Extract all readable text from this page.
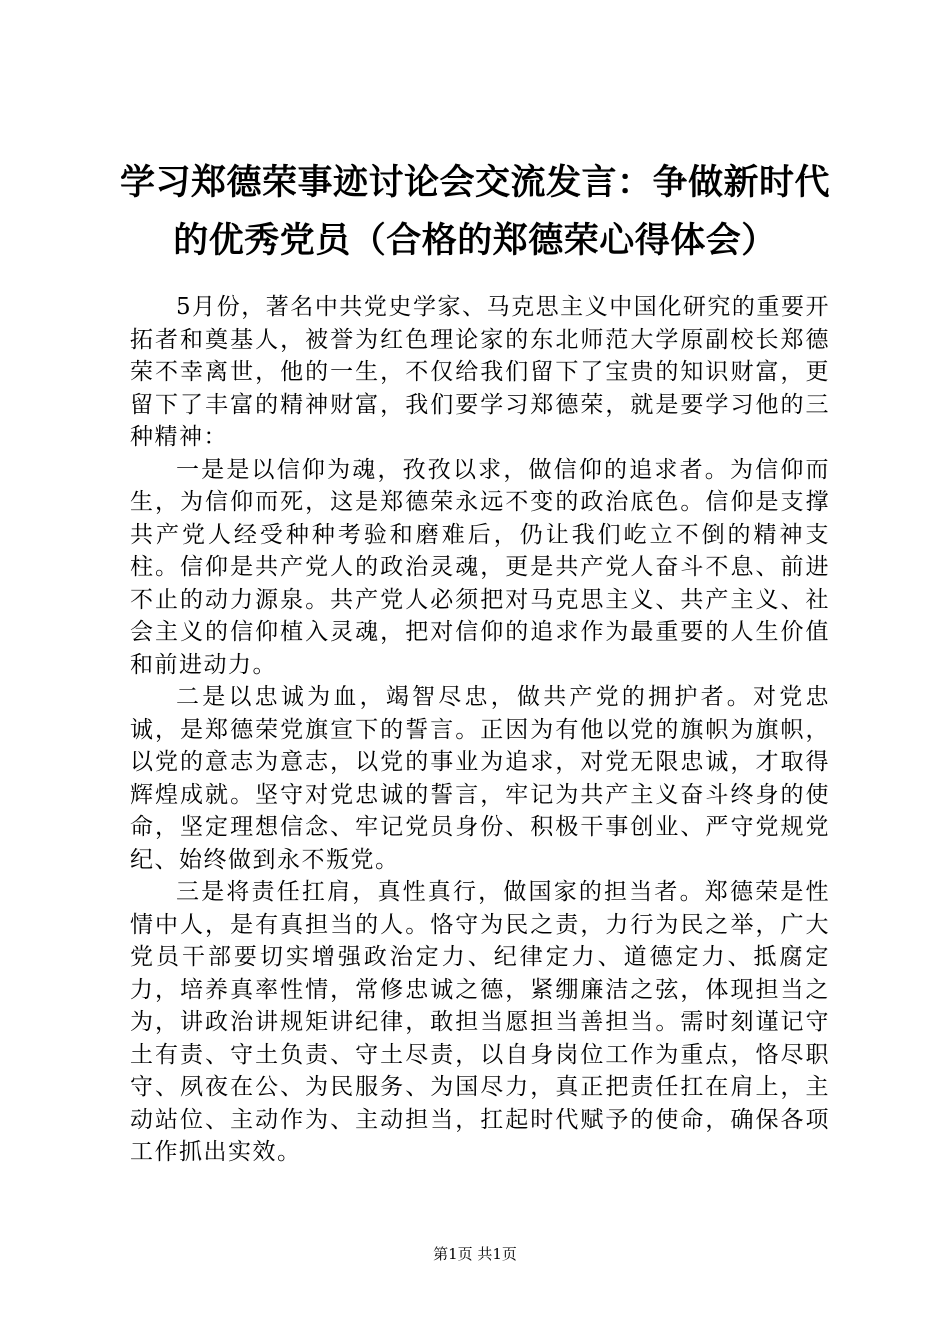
学习郑德荣事迹讨论会交流发言：争做新时代
的优秀党员（合格的郑德荣心得体会）

5月份，著名中共党史学家、马克思主义中国化研究的重要开拓者和奠基人，被誉为红色理论家的东北师范大学原副校长郑德荣不幸离世，他的一生，不仅给我们留下了宝贵的知识财富，更留下了丰富的精神财富，我们要学习郑德荣，就是要学习他的三种精神：

一是是以信仰为魂，孜孜以求，做信仰的追求者。为信仰而生，为信仰而死，这是郑德荣永远不变的政治底色。信仰是支撑共产党人经受种种考验和磨难后，仍让我们屹立不倒的精神支柱。信仰是共产党人的政治灵魂，更是共产党人奋斗不息、前进不止的动力源泉。共产党人必须把对马克思主义、共产主义、社会主义的信仰植入灵魂，把对信仰的追求作为最重要的人生价值和前进动力。

二是以忠诚为血，竭智尽忠，做共产党的拥护者。对党忠诚，是郑德荣党旗宣下的誓言。正因为有他以党的旗帜为旗帜，以党的意志为意志，以党的事业为追求，对党无限忠诚，才取得辉煌成就。坚守对党忠诚的誓言，牢记为共产主义奋斗终身的使命，坚定理想信念、牢记党员身份、积极干事创业、严守党规党纪、始终做到永不叛党。

三是将责任扛肩，真性真行，做国家的担当者。郑德荣是性情中人，是有真担当的人。恪守为民之责，力行为民之举，广大党员干部要切实增强政治定力、纪律定力、道德定力、抵腐定力，培养真率性情，常修忠诚之德，紧绷廉洁之弦，体现担当之为，讲政治讲规矩讲纪律，敢担当愿担当善担当。需时刻谨记守土有责、守土负责、守土尽责，以自身岗位工作为重点，恪尽职守、夙夜在公、为民服务、为国尽力，真正把责任扛在肩上，主动站位、主动作为、主动担当，扛起时代赋予的使命，确保各项工作抓出实效。

第1页 共1页
